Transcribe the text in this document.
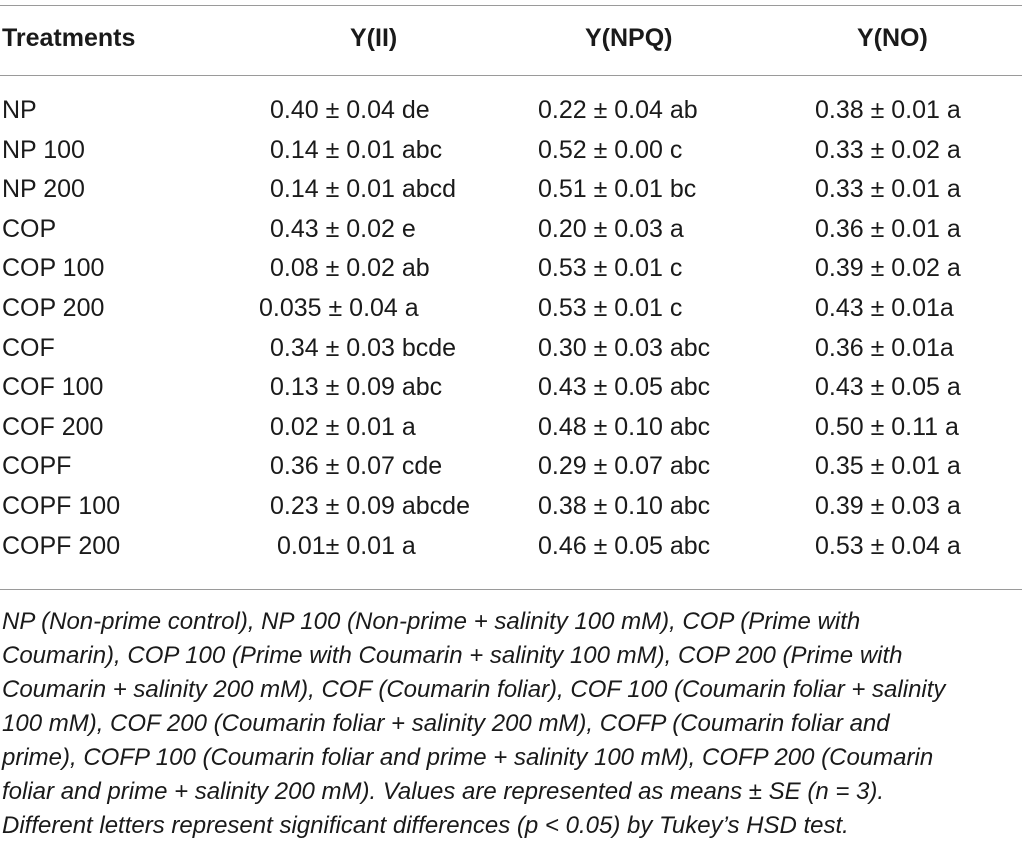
Treatments	Y(II)	Y(NPQ)	Y(NO)
NP	0.40 ± 0.04 de	0.22 ± 0.04 ab	0.38 ± 0.01 a
NP 100	0.14 ± 0.01 abc	0.52 ± 0.00 c	0.33 ± 0.02 a
NP 200	0.14 ± 0.01 abcd	0.51 ± 0.01 bc	0.33 ± 0.01 a
COP	0.43 ± 0.02 e	0.20 ± 0.03 a	0.36 ± 0.01 a
COP 100	0.08 ± 0.02 ab	0.53 ± 0.01 c	0.39 ± 0.02 a
COP 200	0.035 ± 0.04 a	0.53 ± 0.01 c	0.43 ± 0.01a
COF	0.34 ± 0.03 bcde	0.30 ± 0.03 abc	0.36 ± 0.01a
COF 100	0.13 ± 0.09 abc	0.43 ± 0.05 abc	0.43 ± 0.05 a
COF 200	0.02 ± 0.01 a	0.48 ± 0.10 abc	0.50 ± 0.11 a
COPF	0.36 ± 0.07 cde	0.29 ± 0.07 abc	0.35 ± 0.01 a
COPF 100	0.23 ± 0.09 abcde	0.38 ± 0.10 abc	0.39 ± 0.03 a
COPF 200	0.01± 0.01 a	0.46 ± 0.05 abc	0.53 ± 0.04 a
NP (Non-prime control), NP 100 (Non-prime + salinity 100 mM), COP (Prime with
Coumarin), COP 100 (Prime with Coumarin + salinity 100 mM), COP 200 (Prime with
Coumarin + salinity 200 mM), COF (Coumarin foliar), COF 100 (Coumarin foliar + salinity
100 mM), COF 200 (Coumarin foliar + salinity 200 mM), COFP (Coumarin foliar and
prime), COFP 100 (Coumarin foliar and prime + salinity 100 mM), COFP 200 (Coumarin
foliar and prime + salinity 200 mM). Values are represented as means ± SE (n = 3).
Different letters represent significant differences (p < 0.05) by Tukey’s HSD test.
